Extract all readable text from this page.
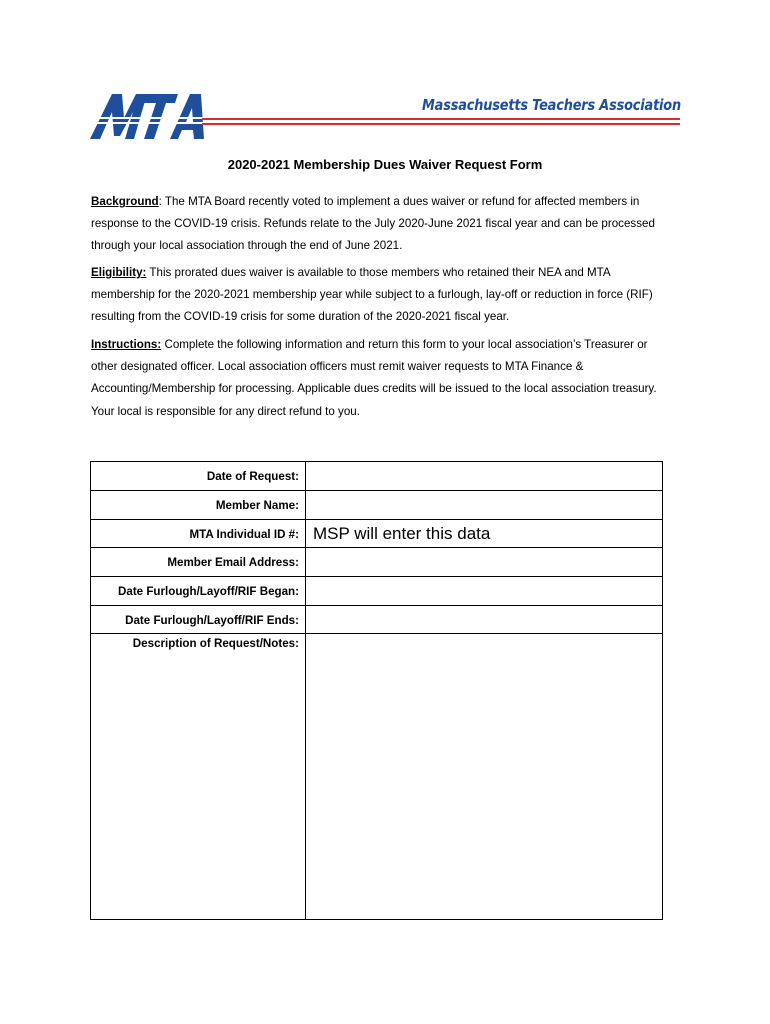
Massachusetts Teachers Association
2020-2021 Membership Dues Waiver Request Form
Background: The MTA Board recently voted to implement a dues waiver or refund for affected members in response to the COVID-19 crisis. Refunds relate to the July 2020-June 2021 fiscal year and can be processed through your local association through the end of June 2021.
Eligibility: This prorated dues waiver is available to those members who retained their NEA and MTA membership for the 2020-2021 membership year while subject to a furlough, lay-off or reduction in force (RIF) resulting from the COVID-19 crisis for some duration of the 2020-2021 fiscal year.
Instructions: Complete the following information and return this form to your local association’s Treasurer or other designated officer. Local association officers must remit waiver requests to MTA Finance & Accounting/Membership for processing. Applicable dues credits will be issued to the local association treasury. Your local is responsible for any direct refund to you.
Date of Request:
Member Name:
MTA Individual ID #: MSP will enter this data
Member Email Address:
Date Furlough/Layoff/RIF Began:
Date Furlough/Layoff/RIF Ends:
Description of Request/Notes:
